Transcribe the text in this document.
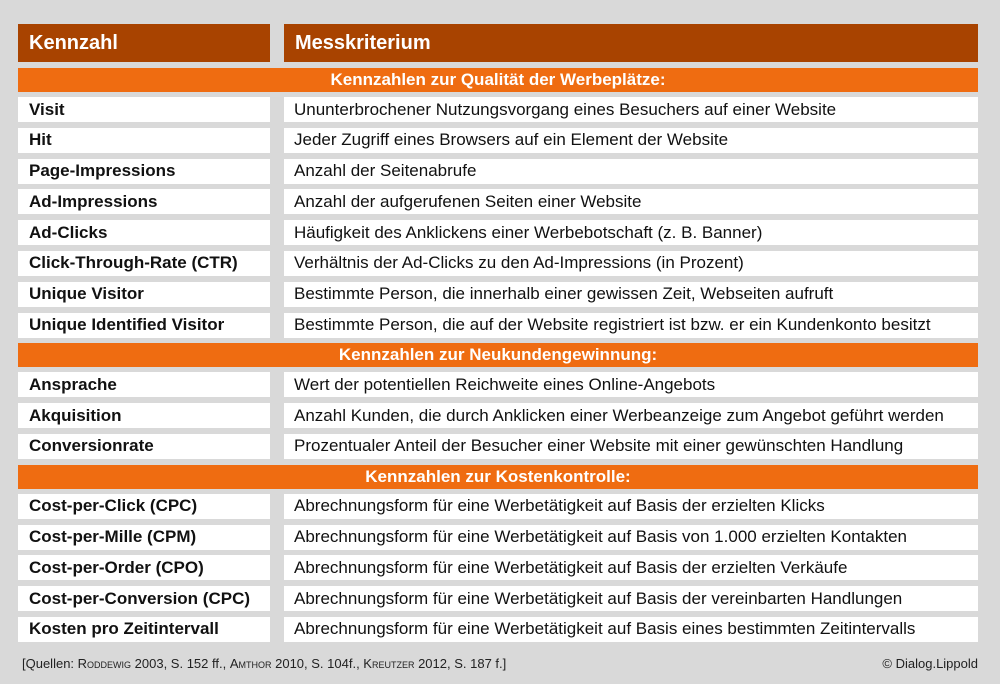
Kennzahl	Messkriterium
Kennzahlen zur Qualität der Werbeplätze:
Visit	Ununterbrochener Nutzungsvorgang eines Besuchers auf einer Website
Hit	Jeder Zugriff eines Browsers auf ein Element der Website
Page-Impressions	Anzahl der Seitenabrufe
Ad-Impressions	Anzahl der aufgerufenen Seiten einer Website
Ad-Clicks	Häufigkeit des Anklickens einer Werbebotschaft (z. B. Banner)
Click-Through-Rate (CTR)	Verhältnis der Ad-Clicks zu den Ad-Impressions (in Prozent)
Unique Visitor	Bestimmte Person, die innerhalb einer gewissen Zeit, Webseiten aufruft
Unique Identified Visitor	Bestimmte Person, die auf der Website registriert ist bzw. er ein Kundenkonto besitzt
Kennzahlen zur Neukundengewinnung:
Ansprache	Wert der potentiellen Reichweite eines Online-Angebots
Akquisition	Anzahl Kunden, die durch Anklicken einer Werbeanzeige zum Angebot geführt werden
Conversionrate	Prozentualer Anteil der Besucher einer Website mit einer gewünschten Handlung
Kennzahlen zur Kostenkontrolle:
Cost-per-Click (CPC)	Abrechnungsform für eine Werbetätigkeit auf Basis der erzielten Klicks
Cost-per-Mille (CPM)	Abrechnungsform für eine Werbetätigkeit auf Basis von 1.000 erzielten Kontakten
Cost-per-Order (CPO)	Abrechnungsform für eine Werbetätigkeit auf Basis der erzielten Verkäufe
Cost-per-Conversion (CPC)	Abrechnungsform für eine Werbetätigkeit auf Basis der vereinbarten Handlungen
Kosten pro Zeitintervall	Abrechnungsform für eine Werbetätigkeit auf Basis eines bestimmten Zeitintervalls
[Quellen: Roddewig 2003, S. 152 ff., Amthor 2010, S. 104f., Kreutzer 2012, S. 187 f.]	© Dialog.Lippold
